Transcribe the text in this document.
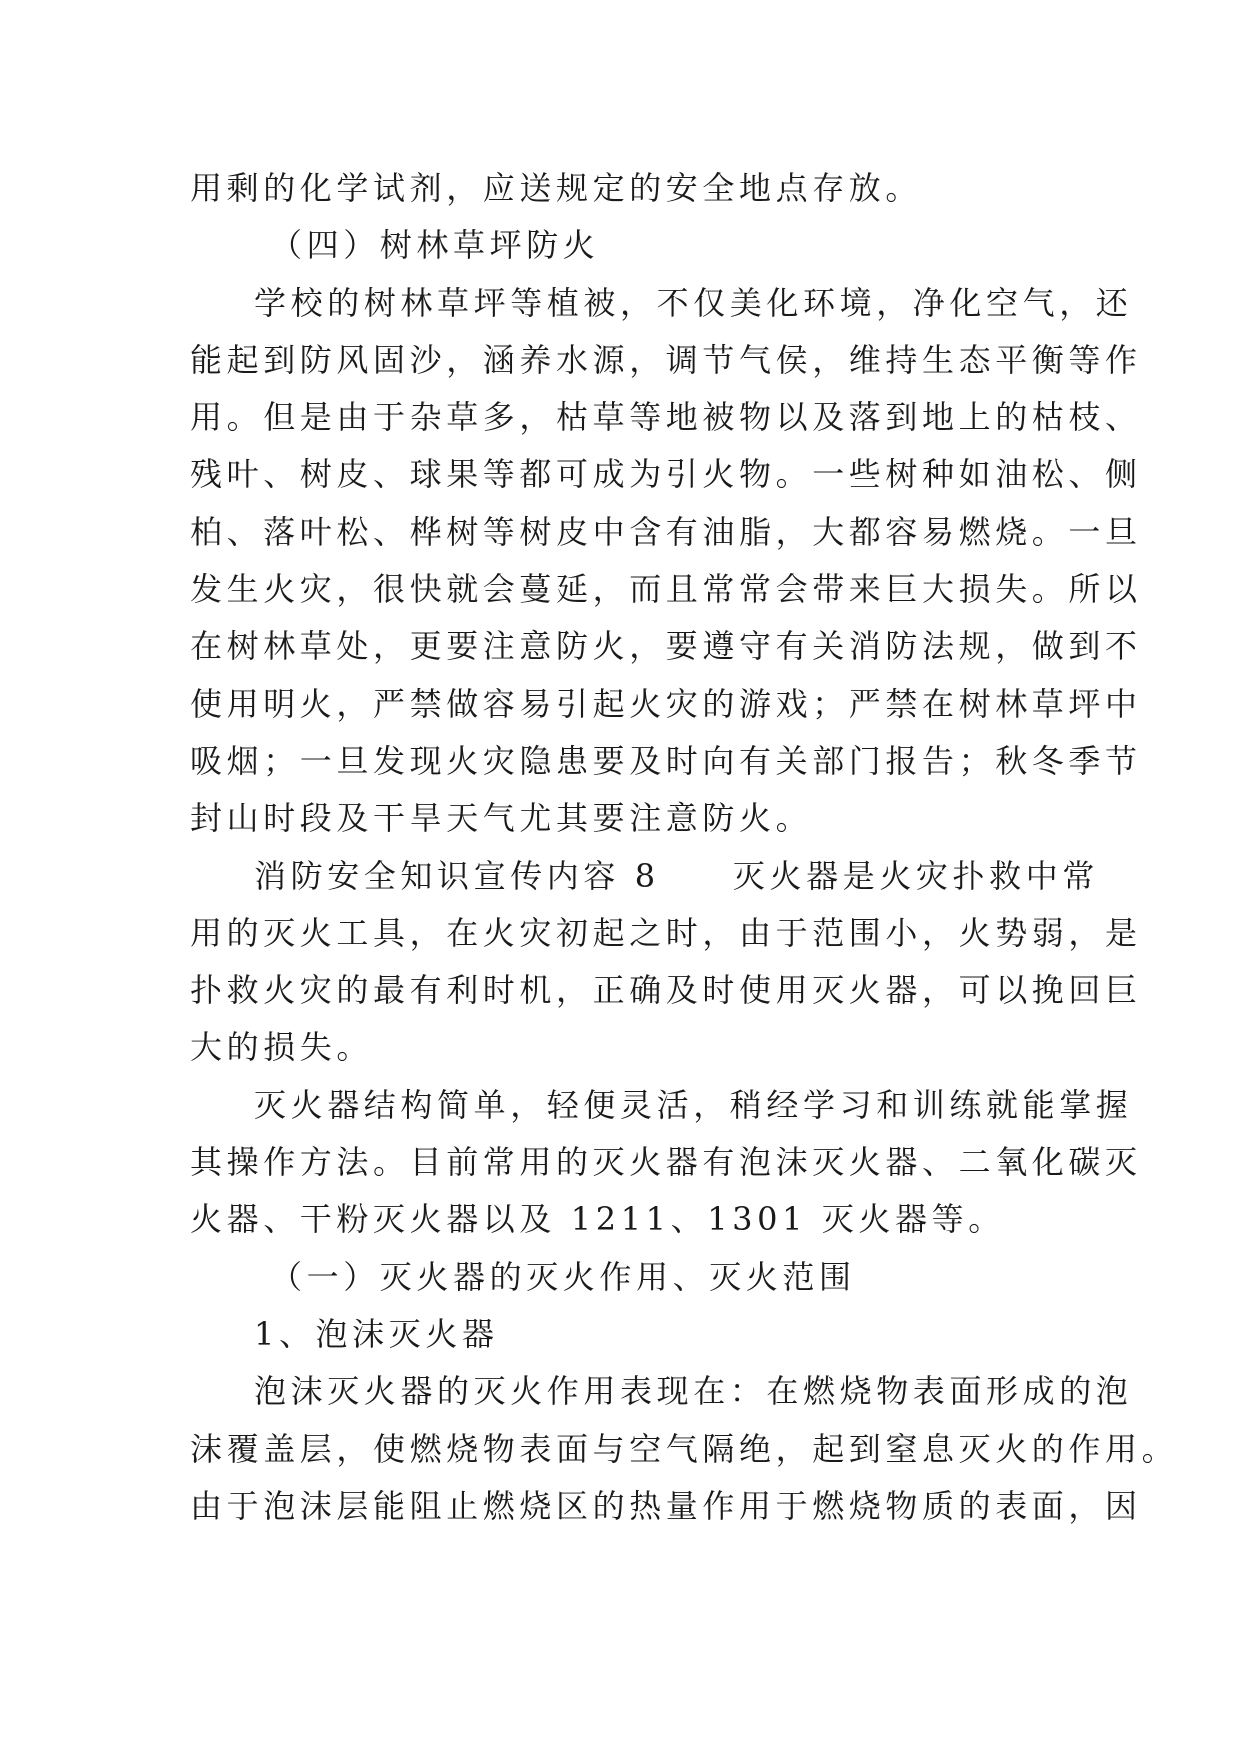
用剩的化学试剂，应送规定的安全地点存放。
（四）树林草坪防火
学校的树林草坪等植被，不仅美化环境，净化空气，还
能起到防风固沙，涵养水源，调节气侯，维持生态平衡等作
用。但是由于杂草多，枯草等地被物以及落到地上的枯枝、
残叶、树皮、球果等都可成为引火物。一些树种如油松、侧
柏、落叶松、桦树等树皮中含有油脂，大都容易燃烧。一旦
发生火灾，很快就会蔓延，而且常常会带来巨大损失。所以
在树林草处，更要注意防火，要遵守有关消防法规，做到不
使用明火，严禁做容易引起火灾的游戏；严禁在树林草坪中
吸烟；一旦发现火灾隐患要及时向有关部门报告；秋冬季节
封山时段及干旱天气尤其要注意防火。
消防安全知识宣传内容 8　　灭火器是火灾扑救中常
用的灭火工具，在火灾初起之时，由于范围小，火势弱，是
扑救火灾的最有利时机，正确及时使用灭火器，可以挽回巨
大的损失。
灭火器结构简单，轻便灵活，稍经学习和训练就能掌握
其操作方法。目前常用的灭火器有泡沫灭火器、二氧化碳灭
火器、干粉灭火器以及 1211、1301 灭火器等。
（一）灭火器的灭火作用、灭火范围
1、泡沫灭火器
泡沫灭火器的灭火作用表现在：在燃烧物表面形成的泡
沫覆盖层，使燃烧物表面与空气隔绝，起到窒息灭火的作用。
由于泡沫层能阻止燃烧区的热量作用于燃烧物质的表面，因
